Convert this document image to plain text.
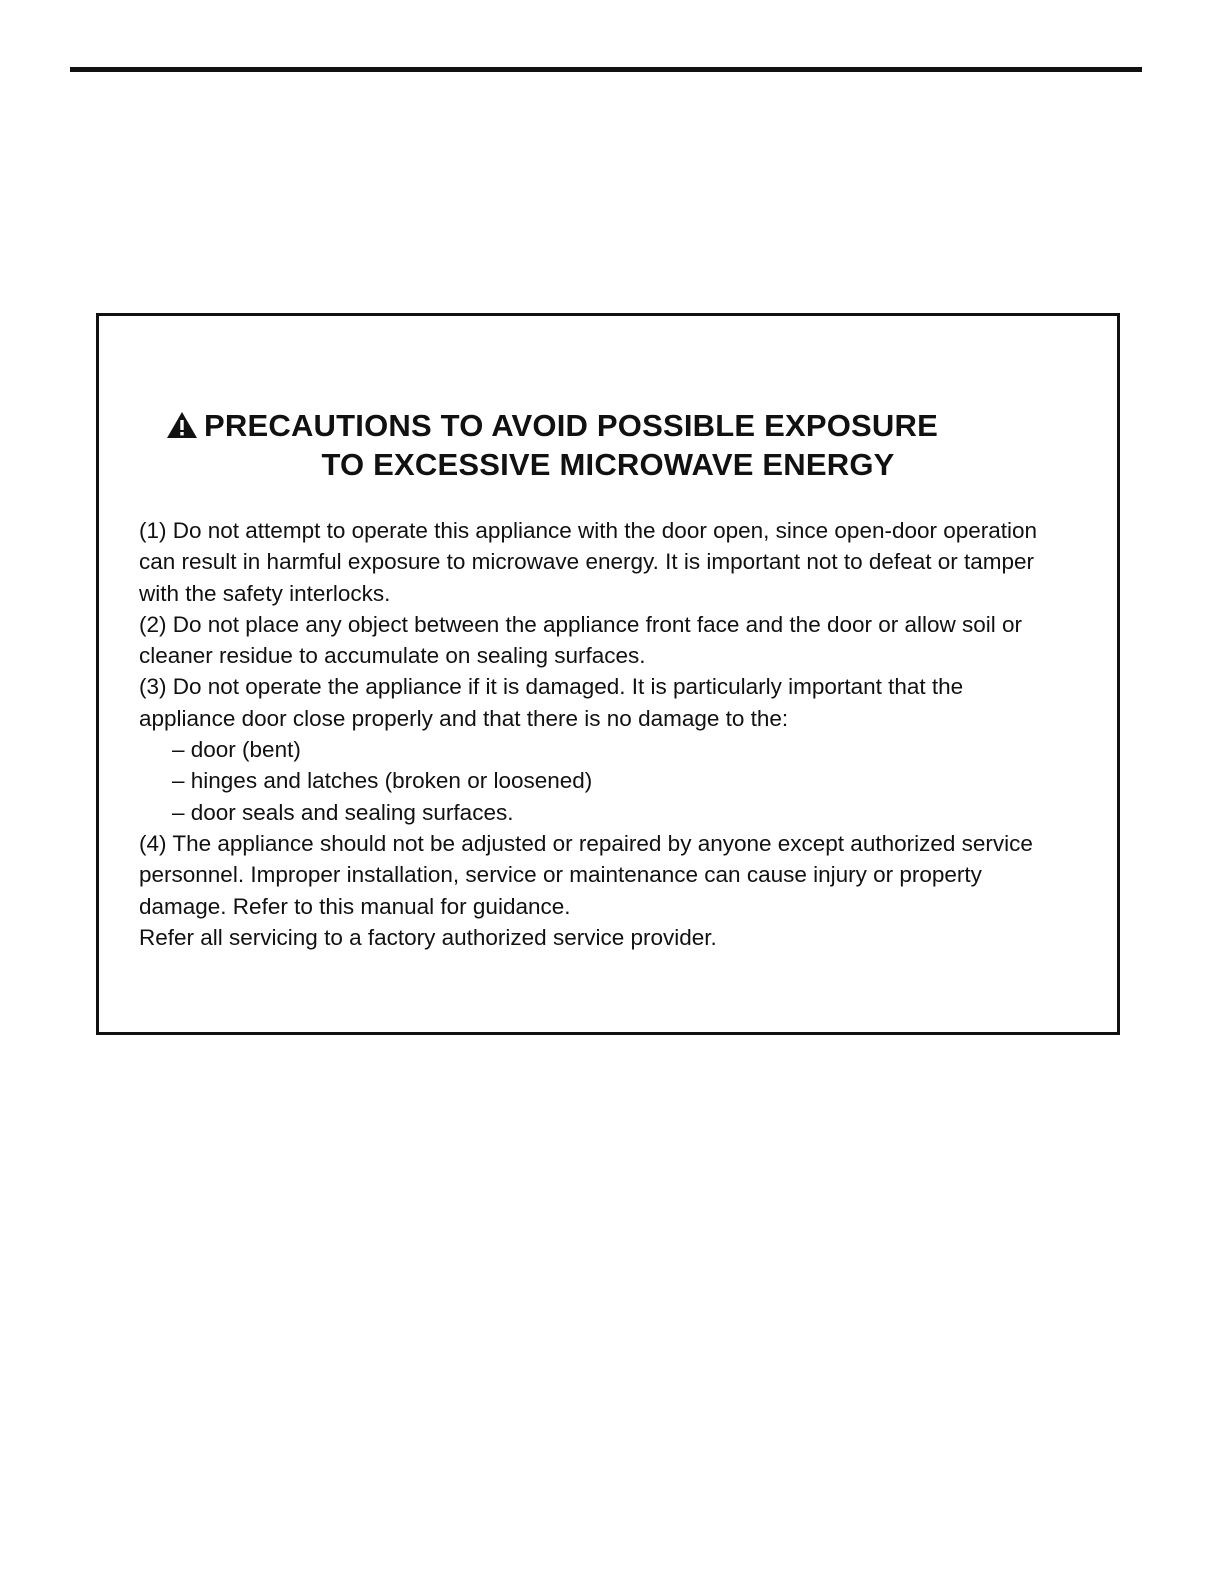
PRECAUTIONS TO AVOID POSSIBLE EXPOSURE
TO EXCESSIVE MICROWAVE ENERGY

(1) Do not attempt to operate this appliance with the door open, since open-door operation

can result in harmful exposure to microwave energy. It is important not to defeat or tamper

with the safety interlocks.

(2) Do not place any object between the appliance front face and the door or allow soil or

cleaner residue to accumulate on sealing surfaces.

(3) Do not operate the appliance if it is damaged. It is particularly important that the

appliance door close properly and that there is no damage to the:

– door (bent)

– hinges and latches (broken or loosened)

– door seals and sealing surfaces.

(4) The appliance should not be adjusted or repaired by anyone except authorized service

personnel. Improper installation, service or maintenance can cause injury or property

damage. Refer to this manual for guidance.

Refer all servicing to a factory authorized service provider.
